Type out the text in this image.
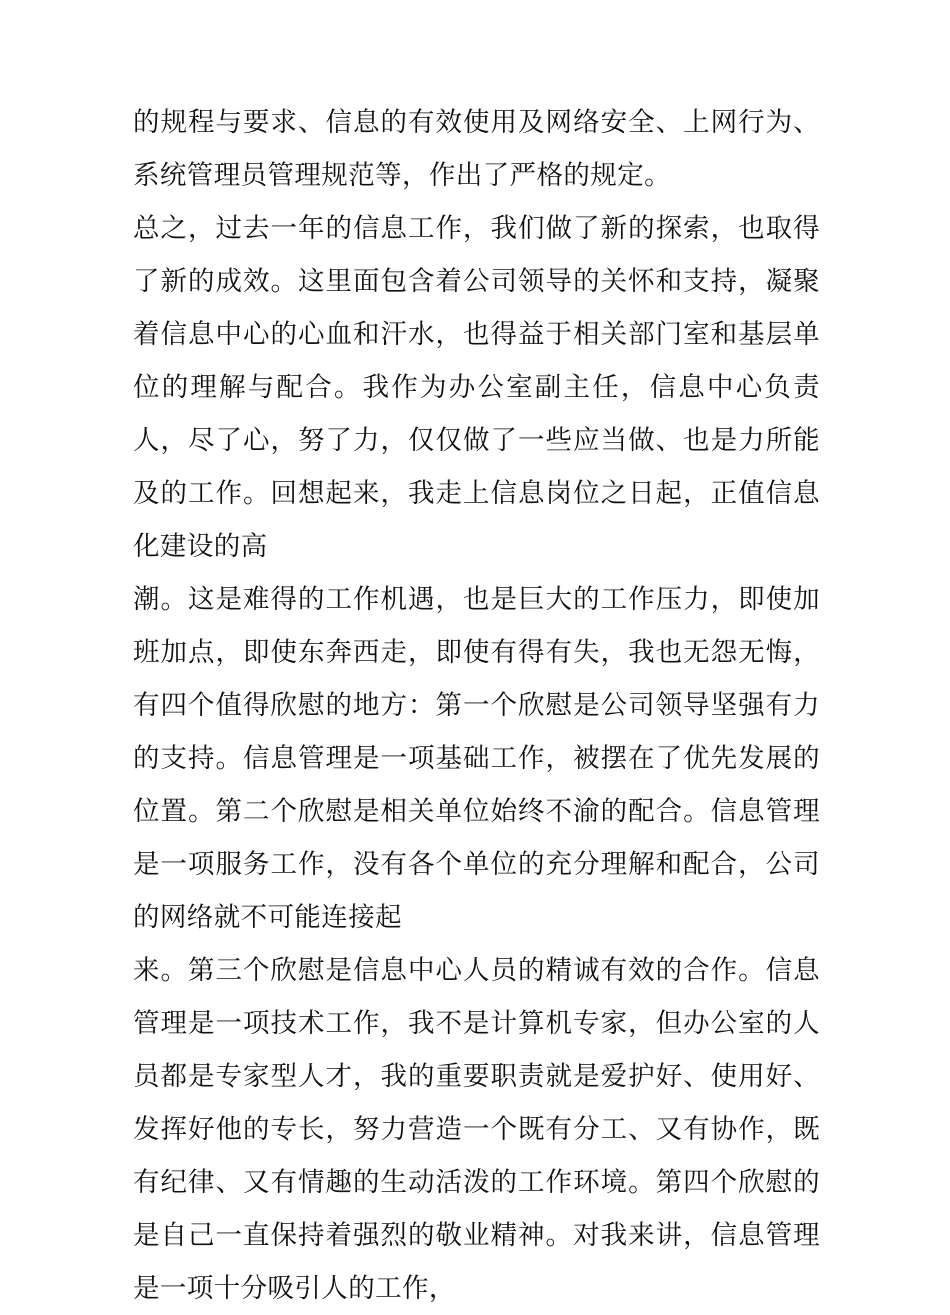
的规程与要求、信息的有效使用及网络安全、上网行为、系统管理员管理规范等，作出了严格的规定。

总之，过去一年的信息工作，我们做了新的探索，也取得了新的成效。这里面包含着公司领导的关怀和支持，凝聚着信息中心的心血和汗水，也得益于相关部门室和基层单位的理解与配合。我作为办公室副主任，信息中心负责人，尽了心，努了力，仅仅做了一些应当做、也是力所能及的工作。回想起来，我走上信息岗位之日起，正值信息化建设的高

潮。这是难得的工作机遇，也是巨大的工作压力，即使加班加点，即使东奔西走，即使有得有失，我也无怨无悔，有四个值得欣慰的地方：第一个欣慰是公司领导坚强有力的支持。信息管理是一项基础工作，被摆在了优先发展的位置。第二个欣慰是相关单位始终不渝的配合。信息管理是一项服务工作，没有各个单位的充分理解和配合，公司的网络就不可能连接起

来。第三个欣慰是信息中心人员的精诚有效的合作。信息管理是一项技术工作，我不是计算机专家，但办公室的人员都是专家型人才，我的重要职责就是爱护好、使用好、发挥好他的专长，努力营造一个既有分工、又有协作，既有纪律、又有情趣的生动活泼的工作环境。第四个欣慰的是自己一直保持着强烈的敬业精神。对我来讲，信息管理是一项十分吸引人的工作，
